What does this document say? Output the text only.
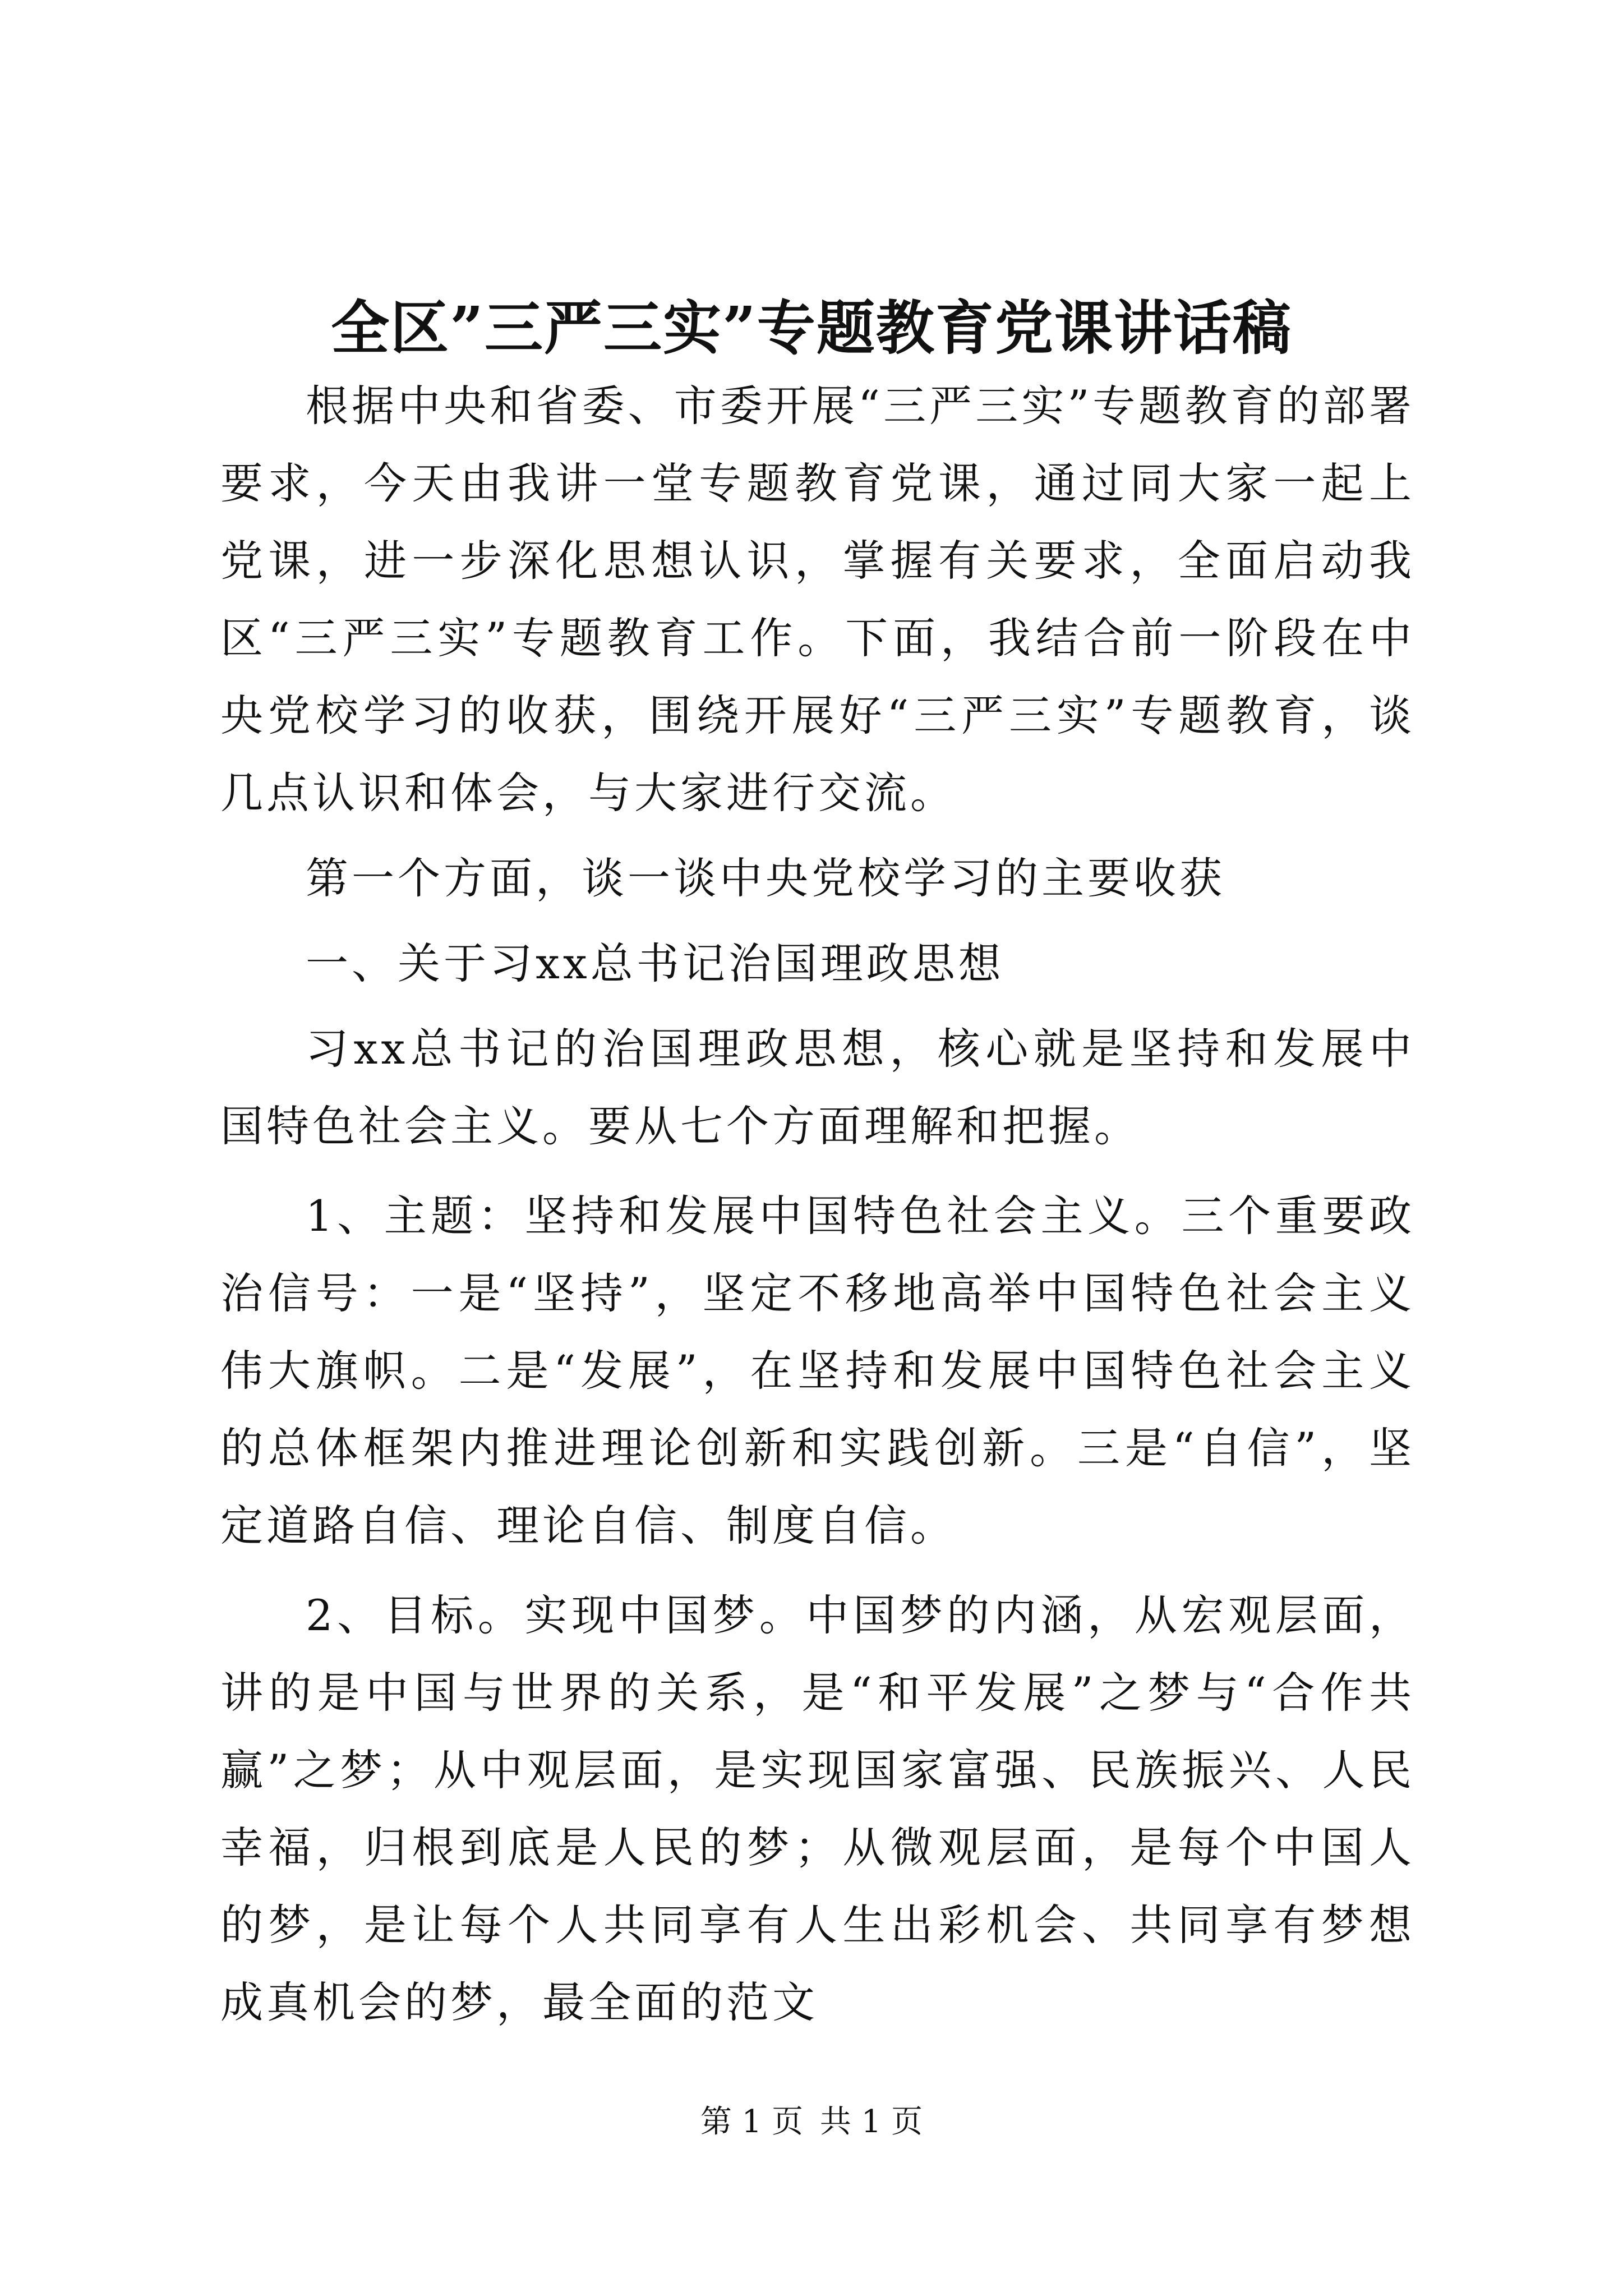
全区”三严三实”专题教育党课讲话稿

根据中央和省委、市委开展“三严三实”专题教育的部署要求，今天由我讲一堂专题教育党课，通过同大家一起上党课，进一步深化思想认识，掌握有关要求，全面启动我区“三严三实”专题教育工作。下面，我结合前一阶段在中央党校学习的收获，围绕开展好“三严三实”专题教育，谈几点认识和体会，与大家进行交流。

第一个方面，谈一谈中央党校学习的主要收获

一、关于习xx总书记治国理政思想

习xx总书记的治国理政思想，核心就是坚持和发展中国特色社会主义。要从七个方面理解和把握。

1、主题：坚持和发展中国特色社会主义。三个重要政治信号：一是“坚持”，坚定不移地高举中国特色社会主义伟大旗帜。二是“发展”，在坚持和发展中国特色社会主义的总体框架内推进理论创新和实践创新。三是“自信”，坚定道路自信、理论自信、制度自信。

2、目标。实现中国梦。中国梦的内涵，从宏观层面，讲的是中国与世界的关系，是“和平发展”之梦与“合作共赢”之梦；从中观层面，是实现国家富强、民族振兴、人民幸福，归根到底是人民的梦；从微观层面，是每个中国人的梦，是让每个人共同享有人生出彩机会、共同享有梦想成真机会的梦，最全面的范文

第 1 页 共 1 页
